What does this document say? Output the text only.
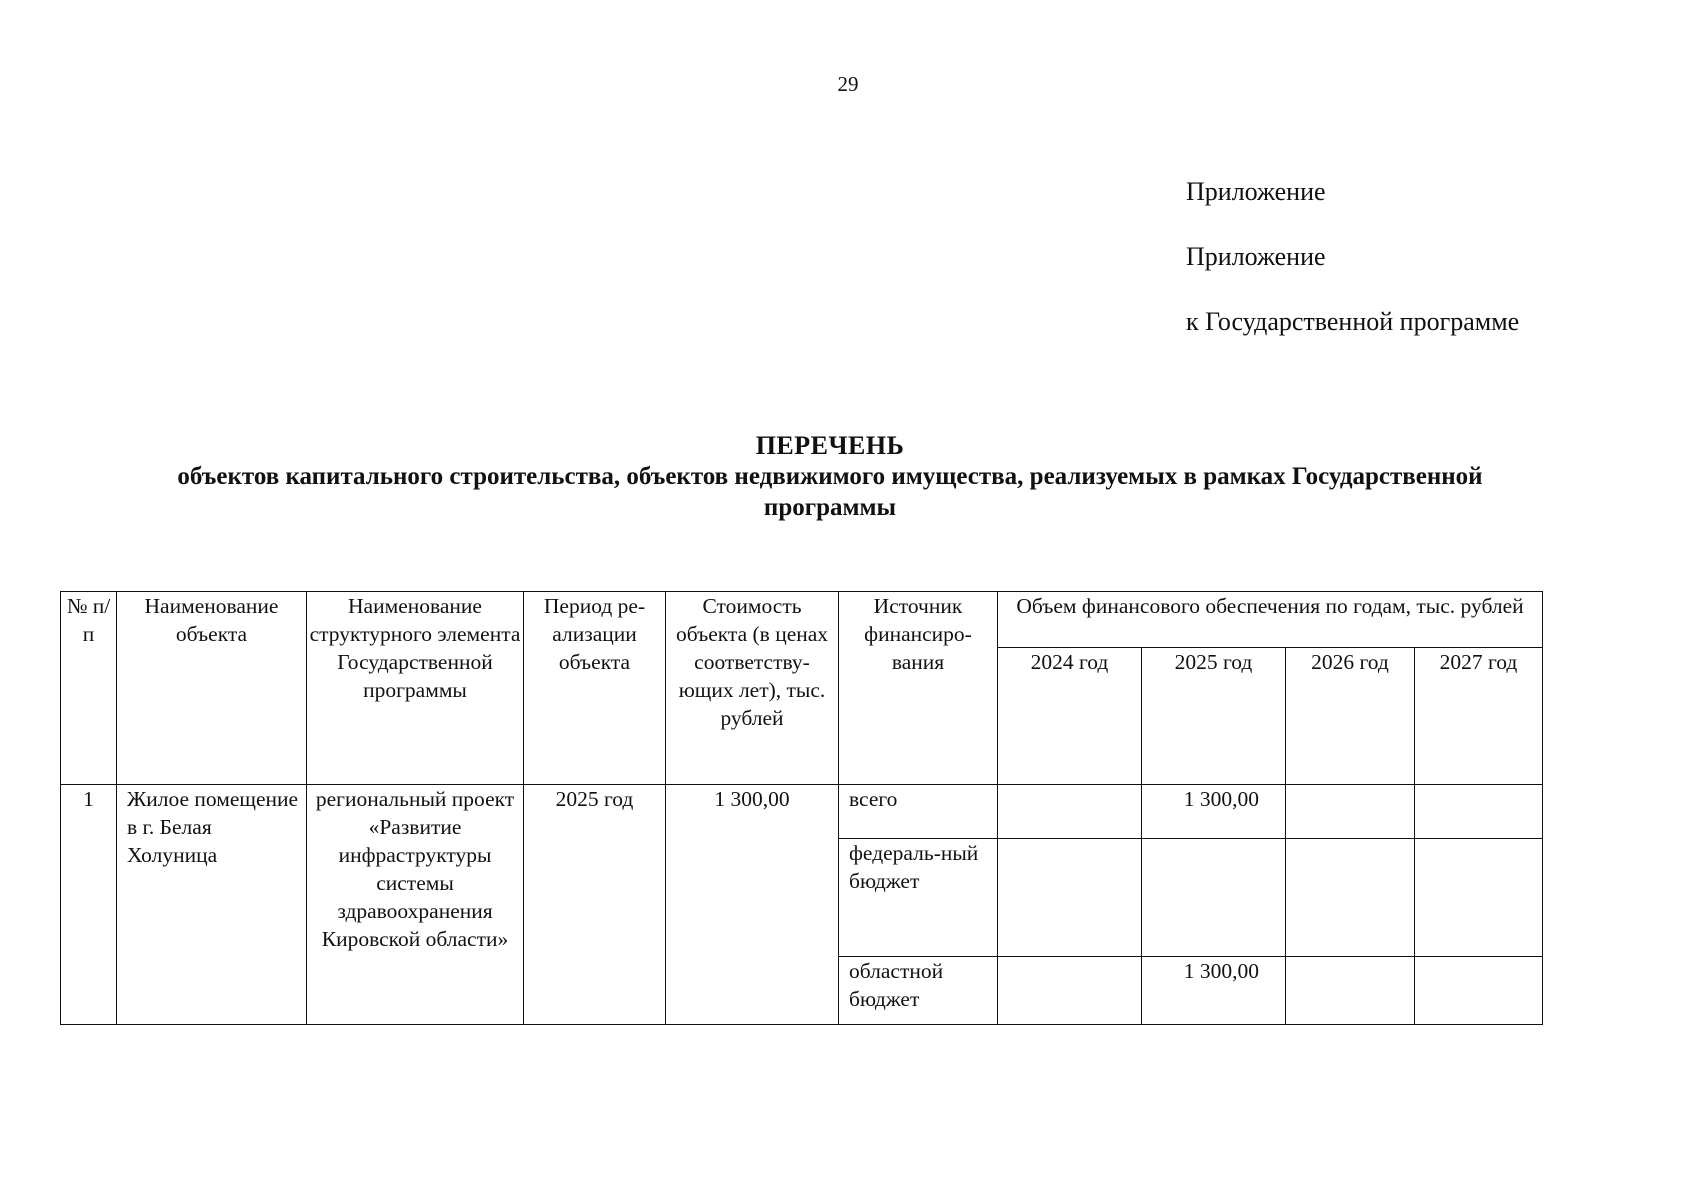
29
Приложение
Приложение
к Государственной программе
ПЕРЕЧЕНЬ
объектов капитального строительства, объектов недвижимого имущества, реализуемых в рамках Государственной программы
№ п/п	Наименование объекта	Наименование структурного элемента Государственной программы	Период ре-ализации объекта	Стоимость объекта (в ценах соответству-ющих лет), тыс. рублей	Источник финансиро-вания	Объем финансового обеспечения по годам, тыс. рублей			
						2024 год	2025 год	2026 год	2027 год
1	Жилое помещение в г. Белая Холуница	региональный проект «Развитие инфраструктуры системы здравоохранения Кировской области»	2025 год	1 300,00	всего		1 300,00		
					федераль-ный бюджет				
					областной бюджет		1 300,00		
